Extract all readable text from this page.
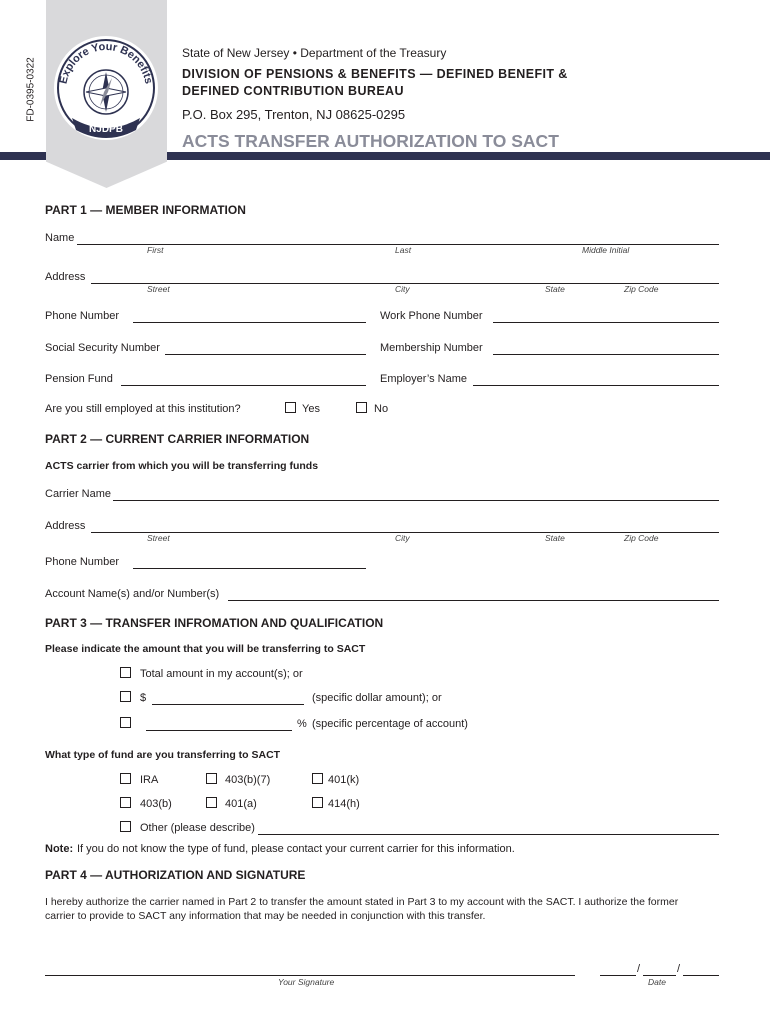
FD-0395-0322 Explore Your Benefits
NJDPB
State of New Jersey • Department of the Treasury
DIVISION OF PENSIONS & BENEFITS — DEFINED BENEFIT &
DEFINED CONTRIBUTION BUREAU
P.O. Box 295, Trenton, NJ 08625-0295
ACTS TRANSFER AUTHORIZATION TO SACT
PART 1 — MEMBER INFORMATION
Name
First	Last	Middle Initial
Address
Street	City	State	Zip Code
Phone Number	Work Phone Number
Social Security Number	Membership Number
Pension Fund	Employer’s Name
Are you still employed at this institution?	Yes	No
PART 2 — CURRENT CARRIER INFORMATION
ACTS carrier from which you will be transferring funds
Carrier Name
Address
Street	City	State	Zip Code
Phone Number
Account Name(s) and/or Number(s)
PART 3 — TRANSFER INFROMATION AND QUALIFICATION
Please indicate the amount that you will be transferring to SACT
Total amount in my account(s); or
$	(specific dollar amount); or
% (specific percentage of account)
What type of fund are you transferring to SACT
IRA	403(b)(7)	401(k)
403(b)	401(a)	414(h)
Other (please describe)
Note: If you do not know the type of fund, please contact your current carrier for this information.
PART 4 — AUTHORIZATION AND SIGNATURE
I hereby authorize the carrier named in Part 2 to transfer the amount stated in Part 3 to my account with the SACT. I authorize the former
carrier to provide to SACT any information that may be needed in conjunction with this transfer.
Your Signature
/	/
Date
